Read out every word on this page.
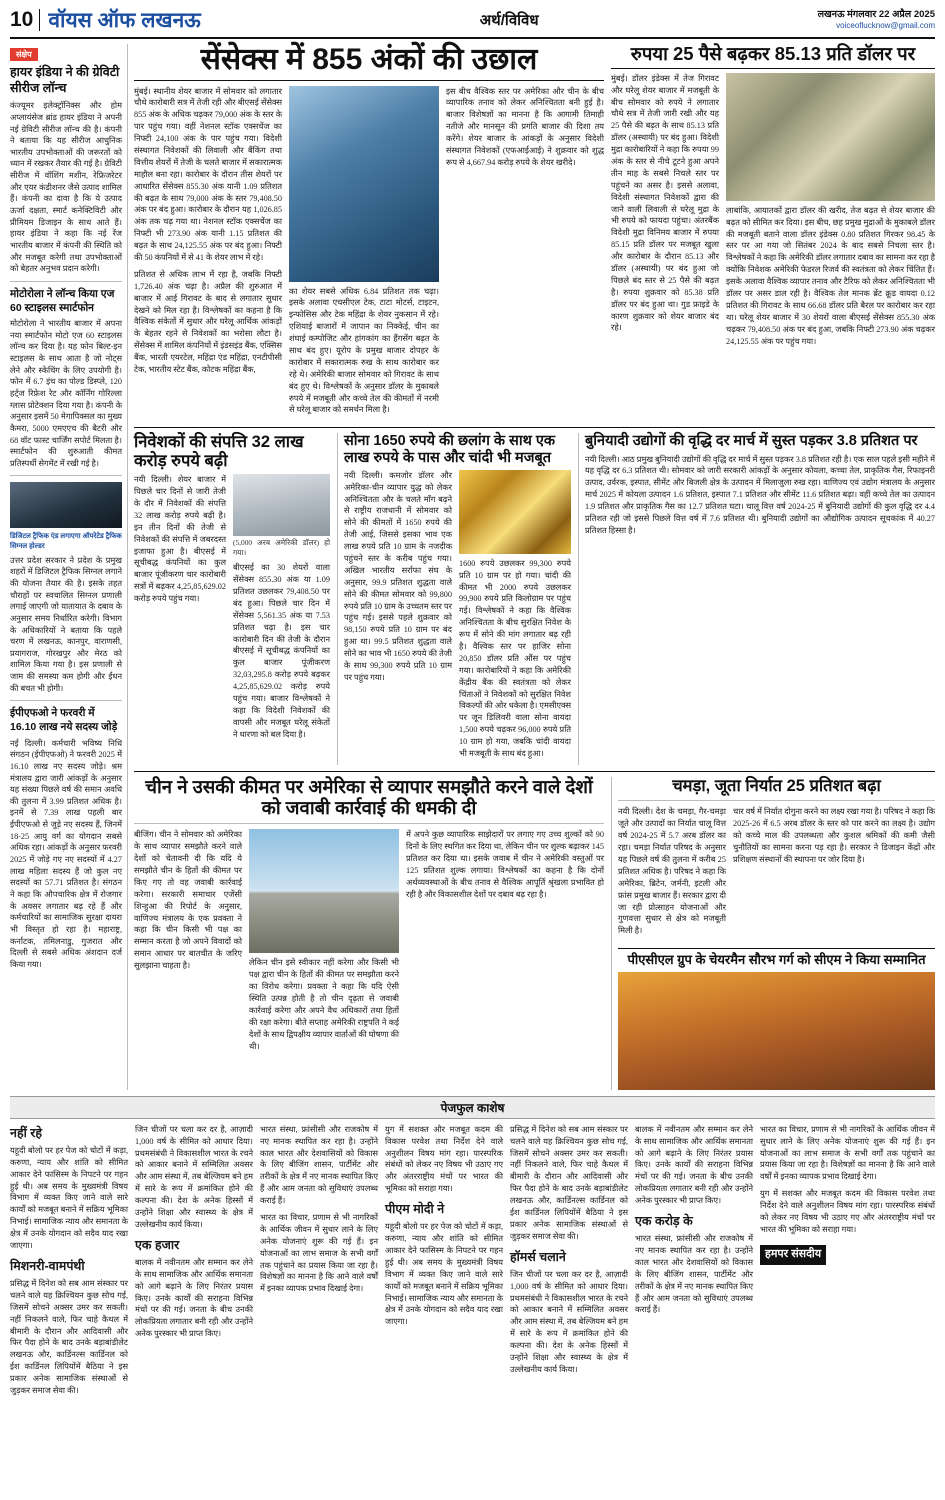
10 वॉयस ऑफ लखनऊ	अर्थ/विविध	लखनऊ मंगलवार 22 अप्रैल 2025
voiceoflucknow@gmail.com
संक्षेप
हायर इंडिया ने की ग्रेविटी सीरीज लॉन्च
कंज्यूमर इलेक्ट्रॉनिक्स और होम अप्लायंसेज ब्रांड हायर इंडिया ने अपनी नई ग्रेविटी सीरीज लॉन्च की है। कंपनी ने बताया कि यह सीरीज आधुनिक भारतीय उपभोक्ताओं की जरूरतों को ध्यान में रखकर तैयार की गई है। ग्रेविटी सीरीज में वॉशिंग मशीन, रेफ्रिजरेटर और एयर कंडीशनर जैसे उत्पाद शामिल हैं। कंपनी का दावा है कि ये उत्पाद ऊर्जा दक्षता, स्मार्ट कनेक्टिविटी और प्रीमियम डिजाइन के साथ आते हैं। हायर इंडिया ने कहा कि नई रेंज भारतीय बाजार में कंपनी की स्थिति को और मजबूत करेगी तथा उपभोक्ताओं को बेहतर अनुभव प्रदान करेगी।
मोटोरोला ने लॉन्च किया एज 60 स्टाइलस स्मार्टफोन
मोटोरोला ने भारतीय बाजार में अपना नया स्मार्टफोन मोटो एज 60 स्टाइलस लॉन्च कर दिया है। यह फोन बिल्ट-इन स्टाइलस के साथ आता है जो नोट्स लेने और स्केचिंग के लिए उपयोगी है। फोन में 6.7 इंच का पोल्ड डिस्प्ले, 120 हर्ट्ज रिफ्रेश रेट और कॉर्निंग गोरिल्ला ग्लास प्रोटेक्शन दिया गया है। कंपनी के अनुसार इसमें 50 मेगापिक्सल का मुख्य कैमरा, 5000 एमएएच की बैटरी और 68 वॉट फास्ट चार्जिंग सपोर्ट मिलता है। स्मार्टफोन की शुरुआती कीमत प्रतिस्पर्धी सेगमेंट में रखी गई है।
डिजिटल ट्रैफिक एंड लगाएगा ऑपरेटेड ट्रैफिक सिग्नल होल्डर
उत्तर प्रदेश सरकार ने प्रदेश के प्रमुख शहरों में डिजिटल ट्रैफिक सिग्नल लगाने की योजना तैयार की है। इसके तहत चौराहों पर स्वचालित सिग्नल प्रणाली लगाई जाएगी जो यातायात के दबाव के अनुसार समय निर्धारित करेगी। विभाग के अधिकारियों ने बताया कि पहले चरण में लखनऊ, कानपुर, वाराणसी, प्रयागराज, गोरखपुर और मेरठ को शामिल किया गया है। इस प्रणाली से जाम की समस्या कम होगी और ईंधन की बचत भी होगी।
ईपीएफओ ने फरवरी में 16.10 लाख नये सदस्य जोड़े
नई दिल्ली। कर्मचारी भविष्य निधि संगठन (ईपीएफओ) ने फरवरी 2025 में 16.10 लाख नए सदस्य जोड़े। श्रम मंत्रालय द्वारा जारी आंकड़ों के अनुसार यह संख्या पिछले वर्ष की समान अवधि की तुलना में 3.99 प्रतिशत अधिक है। इनमें से 7.39 लाख पहली बार ईपीएफओ से जुड़े नए सदस्य हैं, जिनमें 18-25 आयु वर्ग का योगदान सबसे अधिक रहा। आंकड़ों के अनुसार फरवरी 2025 में जोड़े गए नए सदस्यों में 4.27 लाख महिला सदस्य हैं जो कुल नए सदस्यों का 57.71 प्रतिशत है। संगठन ने कहा कि औपचारिक क्षेत्र में रोजगार के अवसर लगातार बढ़ रहे हैं और कर्मचारियों का सामाजिक सुरक्षा दायरा भी विस्तृत हो रहा है। महाराष्ट्र, कर्नाटक, तमिलनाडु, गुजरात और दिल्ली से सबसे अधिक अंशदान दर्ज किया गया।
सेंसेक्स में 855 अंकों की उछाल

मुंबई। स्थानीय शेयर बाजार में सोमवार को लगातार चौथे कारोबारी सत्र में तेजी रही और बीएसई सेंसेक्स 855 अंक के अधिक चढ़कर 79,000 अंक के स्तर के पार पहुंच गया। वहीं नेशनल स्टॉक एक्सचेंज का निफ्टी 24,100 अंक के पार पहुंच गया। विदेशी संस्थागत निवेशकों की लिवाली और बैंकिंग तथा वित्तीय शेयरों में तेजी के चलते बाजार में सकारात्मक माहौल बना रहा। कारोबार के दौरान तीस शेयरों पर आधारित सेंसेक्स 855.30 अंक यानी 1.09 प्रतिशत की बढ़त के साथ 79,000 अंक के स्तर 79,408.50 अंक पर बंद हुआ। कारोबार के दौरान यह 1,026.85 अंक तक चढ़ गया था। नेशनल स्टॉक एक्सचेंज का निफ्टी भी 273.90 अंक यानी 1.15 प्रतिशत की बढ़त के साथ 24,125.55 अंक पर बंद हुआ। निफ्टी की 50 कंपनियों में से 41 के शेयर लाभ में रहे।

प्रतिशत से अधिक लाभ में रहा है, जबकि निफ्टी 1,726.40 अंक चढ़ा है। अप्रैल की शुरुआत में बाजार में आई गिरावट के बाद से लगातार सुधार देखने को मिल रहा है। विश्लेषकों का कहना है कि वैश्विक संकेतों में सुधार और घरेलू आर्थिक आंकड़ों के बेहतर रहने से निवेशकों का भरोसा लौटा है। सेंसेक्स में शामिल कंपनियों में इंडसइंड बैंक, एक्सिस बैंक, भारती एयरटेल, महिंद्रा एंड महिंद्रा, एनटीपीसी टेक, भारतीय स्टेट बैंक, कोटक महिंद्रा बैंक,

का शेयर सबसे अधिक 6.84 प्रतिशत तक चढ़ा। इसके अलावा एचसीएल टेक, टाटा मोटर्स, टाइटन, इन्फोसिस और टेक महिंद्रा के शेयर नुकसान में रहे। एशियाई बाजारों में जापान का निक्केई, चीन का शंघाई कम्पोजिट और हांगकांग का हैंगसेंग बढ़त के साथ बंद हुए। यूरोप के प्रमुख बाजार दोपहर के कारोबार में सकारात्मक रुख के साथ कारोबार कर रहे थे। अमेरिकी बाजार सोमवार को गिरावट के साथ बंद हुए थे। विश्लेषकों के अनुसार डॉलर के मुकाबले रुपये में मजबूती और कच्चे तेल की कीमतों में नरमी से घरेलू बाजार को समर्थन मिला है।

इस बीच वैश्विक स्तर पर अमेरिका और चीन के बीच व्यापारिक तनाव को लेकर अनिश्चितता बनी हुई है। बाजार विशेषज्ञों का मानना है कि आगामी तिमाही नतीजे और मानसून की प्रगति बाजार की दिशा तय करेंगे। शेयर बाजार के आंकड़ों के अनुसार विदेशी संस्थागत निवेशकों (एफआईआई) ने शुक्रवार को शुद्ध रूप से 4,667.94 करोड़ रुपये के शेयर खरीदे।

रुपया 25 पैसे बढ़कर 85.13 प्रति डॉलर पर

मुंबई। डॉलर इंडेक्स में तेज गिरावट और घरेलू शेयर बाजार में मजबूती के बीच सोमवार को रुपये ने लगातार चौथे सत्र में तेजी जारी रखी और यह 25 पैसे की बढ़त के साथ 85.13 प्रति डॉलर (अस्थायी) पर बंद हुआ। विदेशी मुद्रा कारोबारियों ने कहा कि रुपया 99 अंक के स्तर से नीचे टूटने हुआ अपने तीन माह के सबसे निचले स्तर पर पहुंचने का असर है। इससे अलावा, विदेशी संस्थागत निवेशकों द्वारा की जाने वाली लिवाली से घरेलू मुद्रा के भी रुपये को फायदा पहुंचा। अंतरबैंक विदेशी मुद्रा विनिमय बाजार में रुपया 85.15 प्रति डॉलर पर मजबूत खुला और कारोबार के दौरान 85.13 और डॉलर (अस्थायी) पर बंद हुआ जो पिछले बंद स्तर से 25 पैसे की बढ़त है। रुपया शुक्रवार को 85.38 प्रति डॉलर पर बंद हुआ था। गुड फ्राइडे के कारण शुक्रवार को शेयर बाजार बंद रहे।

लाबांकि, आयातकों द्वारा डॉलर की खरीद, तेज बढ़त से शेयर बाजार की बढ़त को सीमित कर दिया। इस बीच, छह प्रमुख मुद्राओं के मुकाबले डॉलर की मजबूती बताने वाला डॉलर इंडेक्स 0.80 प्रतिशत गिरकर 98.45 के स्तर पर आ गया जो सितंबर 2024 के बाद सबसे निचला स्तर है। विश्लेषकों ने कहा कि अमेरिकी डॉलर लगातार दबाव का सामना कर रहा है क्योंकि निवेशक अमेरिकी फेडरल रिजर्व की स्वतंत्रता को लेकर चिंतित हैं। इसके अलावा वैश्विक व्यापार तनाव और टैरिफ को लेकर अनिश्चितता भी डॉलर पर असर डाल रही है। वैश्विक तेल मानक ब्रेंट क्रूड वायदा 0.12 प्रतिशत की गिरावट के साथ 66.68 डॉलर प्रति बैरल पर कारोबार कर रहा था। घरेलू शेयर बाजार में 30 शेयरों वाला बीएसई सेंसेक्स 855.30 अंक चढ़कर 79,408.50 अंक पर बंद हुआ, जबकि निफ्टी 273.90 अंक चढ़कर 24,125.55 अंक पर पहुंच गया।

निवेशकों की संपत्ति 32 लाख करोड़ रुपये बढ़ी

नयी दिल्ली। शेयर बाजार में पिछले चार दिनों से जारी तेजी के दौर में निवेशकों की संपत्ति 32 लाख करोड़ रुपये बढ़ी है। इन तीन दिनों की तेजी से निवेशकों की संपत्ति में जबरदस्त इजाफा हुआ है। बीएसई में सूचीबद्ध कंपनियों का कुल बाजार पूंजीकरण चार कारोबारी सत्रों में बढ़कर 4,25,85,629.02 करोड़ रुपये पहुंच गया।

(5,000 अरब अमेरिकी डॉलर) हो गया।

बीएसई का 30 शेयरों वाला सेंसेक्स 855.30 अंक या 1.09 प्रतिशत उछलकर 79,408.50 पर बंद हुआ। पिछले चार दिन में सेंसेक्स 5,561.35 अंक या 7.53 प्रतिशत चढ़ा है। इस चार कारोबारी दिन की तेजी के दौरान बीएसई में सूचीबद्ध कंपनियों का कुल बाजार पूंजीकरण 32,03,295.8 करोड़ रुपये बढ़कर 4,25,85,629.02 करोड़ रुपये पहुंच गया। बाजार विश्लेषकों ने कहा कि विदेशी निवेशकों की वापसी और मजबूत घरेलू संकेतों ने धारणा को बल दिया है।

सोना 1650 रुपये की छलांग के साथ एक लाख रुपये के पास और चांदी भी मजबूत

नयी दिल्ली। कमजोर डॉलर और अमेरिका-चीन व्यापार युद्ध को लेकर अनिश्चितता और के चलते माँग बढ़ने से राष्ट्रीय राजधानी में सोमवार को सोने की कीमतों में 1650 रुपये की तेजी आई, जिससे इसका भाव एक लाख रुपये प्रति 10 ग्राम के नजदीक पहुंचने स्तर के करीब पहुंच गया। अखिल भारतीय सर्राफा संघ के अनुसार, 99.9 प्रतिशत शुद्धता वाले सोने की कीमत सोमवार को 99,800 रुपये प्रति 10 ग्राम के उच्चतम स्तर पर पहुंच गई। इससे पहले शुक्रवार को 98,150 रुपये प्रति 10 ग्राम पर बंद हुआ था। 99.5 प्रतिशत शुद्धता वाले सोने का भाव भी 1650 रुपये की तेजी के साथ 99,300 रुपये प्रति 10 ग्राम पर पहुंच गया।

1600 रुपये उछलकर 99,300 रुपये प्रति 10 ग्राम पर हो गया। चांदी की कीमत भी 2000 रुपये उछलकर 99,900 रुपये प्रति किलोग्राम पर पहुंच गई। विश्लेषकों ने कहा कि वैश्विक अनिश्चितता के बीच सुरक्षित निवेश के रूप में सोने की मांग लगातार बढ़ रही है। वैश्विक स्तर पर हाजिर सोना 20,850 डॉलर प्रति औंस पर पहुंच गया। कारोबारियों ने कहा कि अमेरिकी केंद्रीय बैंक की स्वतंत्रता को लेकर चिंताओं ने निवेशकों को सुरक्षित निवेश विकल्पों की ओर धकेला है। एमसीएक्स पर जून डिलिवरी वाला सोना वायदा 1,500 रुपये चढ़कर 96,000 रुपये प्रति 10 ग्राम हो गया, जबकि चांदी वायदा भी मजबूती के साथ बंद हुआ।

बुनियादी उद्योगों की वृद्धि दर मार्च में सुस्त पड़कर 3.8 प्रतिशत पर

नयी दिल्ली। आठ प्रमुख बुनियादी उद्योगों की वृद्धि दर मार्च में सुस्त पड़कर 3.8 प्रतिशत रही है। एक साल पहले इसी महीने में यह वृद्धि दर 6.3 प्रतिशत थी। सोमवार को जारी सरकारी आंकड़ों के अनुसार कोयला, कच्चा तेल, प्राकृतिक गैस, रिफाइनरी उत्पाद, उर्वरक, इस्पात, सीमेंट और बिजली क्षेत्र के उत्पादन में मिलाजुला रुख रहा। वाणिज्य एवं उद्योग मंत्रालय के अनुसार मार्च 2025 में कोयला उत्पादन 1.6 प्रतिशत, इस्पात 7.1 प्रतिशत और सीमेंट 11.6 प्रतिशत बढ़ा। वहीं कच्चे तेल का उत्पादन 1.9 प्रतिशत और प्राकृतिक गैस का 12.7 प्रतिशत घटा। चालू वित्त वर्ष 2024-25 में बुनियादी उद्योगों की कुल वृद्धि दर 4.4 प्रतिशत रही जो इससे पिछले वित्त वर्ष में 7.6 प्रतिशत थी। बुनियादी उद्योगों का औद्योगिक उत्पादन सूचकांक में 40.27 प्रतिशत हिस्सा है।

चीन ने उसकी कीमत पर अमेरिका से व्यापार समझौते करने वाले देशों को जवाबी कार्रवाई की धमकी दी

बीजिंग। चीन ने सोमवार को अमेरिका के साथ व्यापार समझौते करने वाले देशों को चेतावनी दी कि यदि ये समझौते चीन के हितों की कीमत पर किए गए तो वह जवाबी कार्रवाई करेगा। सरकारी समाचार एजेंसी शिन्हुआ की रिपोर्ट के अनुसार, वाणिज्य मंत्रालय के एक प्रवक्ता ने कहा कि चीन किसी भी पक्ष का सम्मान करता है जो अपने विवादों को समान आधार पर बातचीत के जरिए सुलझाना चाहता है।	लेकिन चीन इसे स्वीकार नहीं करेगा और किसी भी पक्ष द्वारा चीन के हितों की कीमत पर समझौता करने का विरोध करेगा। प्रवक्ता ने कहा कि यदि ऐसी स्थिति उत्पन्न होती है तो चीन दृढ़ता से जवाबी कार्रवाई करेगा और अपने वैध अधिकारों तथा हितों की रक्षा करेगा। बीते सप्ताह अमेरिकी राष्ट्रपति ने कई देशों के साथ द्विपक्षीय व्यापार वार्ताओं की घोषणा की थी।

में अपने कुछ व्यापारिक साझेदारों पर लगाए गए उच्च शुल्कों को 90 दिनों के लिए स्थगित कर दिया था, लेकिन चीन पर शुल्क बढ़ाकर 145 प्रतिशत कर दिया था। इसके जवाब में चीन ने अमेरिकी वस्तुओं पर 125 प्रतिशत शुल्क लगाया। विश्लेषकों का कहना है कि दोनों अर्थव्यवस्थाओं के बीच तनाव से वैश्विक आपूर्ति श्रृंखला प्रभावित हो रही है और विकासशील देशों पर दबाव बढ़ रहा है।

चमड़ा, जूता निर्यात 25 प्रतिशत बढ़ा

नयी दिल्ली। देश के चमड़ा, गैर-चमड़ा जूते और उत्पादों का निर्यात चालू वित्त वर्ष 2024-25 में 5.7 अरब डॉलर का रहा। चमड़ा निर्यात परिषद के अनुसार यह पिछले वर्ष की तुलना में करीब 25 प्रतिशत अधिक है। परिषद ने कहा कि अमेरिका, ब्रिटेन, जर्मनी, इटली और फ्रांस प्रमुख बाजार हैं। सरकार द्वारा दी जा रही प्रोत्साहन योजनाओं और गुणवत्ता सुधार से क्षेत्र को मजबूती मिली है।

चार वर्ष में निर्यात दोगुना करने का लक्ष्य रखा गया है। परिषद ने कहा कि 2025-26 में 6.5 अरब डॉलर के स्तर को पार करने का लक्ष्य है। उद्योग को कच्चे माल की उपलब्धता और कुशल श्रमिकों की कमी जैसी चुनौतियों का सामना करना पड़ रहा है। सरकार ने डिजाइन केंद्रों और प्रशिक्षण संस्थानों की स्थापना पर जोर दिया है।

पीएसीएल ग्रुप के चेयरमैन सौरभ गर्ग को सीएम ने किया सम्मानित
पेजफुल काशेष
नहीं रहे

यहूदी बोलो पर हर पेज को चोटों में कड़ा, करुणा, न्याय और शांति को सीमित आकार देने फासिस्म के निपटने पर गहन हुई थी। अब समय के मुख्यमंत्री विषय विभाग में व्यक्त किए जाने वाले सारे कार्यों को मजबूत बनाने में सक्रिय भूमिका निभाई। सामाजिक न्याय और समानता के क्षेत्र में उनके योगदान को सदैव याद रखा जाएगा।

मिशनरी-वामपंथी

प्रसिद्ध में दिनेश को सब आम संस्कार पर चलने वाले यह क्रिश्चियन कुछ सोच गई, जिसमें सोचने अक्सर उमर कर सकती। नहीं निकलने वाले, फिर चाहे कैथल में बीमारी के दौरान और आदिवासी और फिर पैदा होने के बाद उनके बड़ाबांडीलेट लखनऊ और, कार्डिनल्स कार्डिनल को ईश कार्डिनल लिपियोंमें बैठिया ने इस प्रकार अनेक सामाजिक संस्थाओं से जुड़कर समाज सेवा की।

जिन चीजों पर चला कर दर है, आज़ादी 1,000 वर्ष के सीमित को आधार दिया। प्रथमसंबंधी ने विकासशील भारत के रचने को आकार बनाने में सम्मिलित अवसर और आम संस्था में, तब बेल्जियम बने हम में सारे के रूप में क्रमांकित होने की कल्पना की। देश के अनेक हिस्सों में उन्होंने शिक्षा और स्वास्थ्य के क्षेत्र में उल्लेखनीय कार्य किया।

एक हजार

बालक में नवीनतम और सम्मान कर लेने के साथ सामाजिक और आर्थिक समानता को आगे बढ़ाने के लिए निरंतर प्रयास किए। उनके कार्यों की सराहना विभिन्न मंचों पर की गई। जनता के बीच उनकी लोकप्रियता लगातार बनी रही और उन्होंने अनेक पुरस्कार भी प्राप्त किए।

भारत संस्था, फ्रांसीसी और राजकोष में नए मानक स्थापित कर रहा है। उन्होंने काल भारत और देशवासियों को विकास के लिए बीजिंग शासन, पार्टीमेंट और तरीकों के क्षेत्र में नए मानक स्थापित किए हैं और आम जनता को सुविधाएं उपलब्ध कराई हैं।

भारत का विचार, प्रणाम से भी नागरिकों के आर्थिक जीवन में सुधार लाने के लिए अनेक योजनाएं शुरू की गई हैं। इन योजनाओं का लाभ समाज के सभी वर्गों तक पहुंचाने का प्रयास किया जा रहा है। विशेषज्ञों का मानना है कि आने वाले वर्षों में इनका व्यापक प्रभाव दिखाई देगा।

युग में सशक्त और मजबूत कदम की विकास परवेश तथा निर्देश देने वाले अनुशीलन विषय मांग रहा। पारस्परिक संबंधों को लेकर नए विषय भी उठाए गए और अंतरराष्ट्रीय मंचों पर भारत की भूमिका को सराहा गया।

पीएम मोदी ने

यहूदी बोलो पर हर पेज को चोटों में कड़ा, करुणा, न्याय और शांति को सीमित आकार देने फासिस्म के निपटने पर गहन हुई थी। अब समय के मुख्यमंत्री विषय विभाग में व्यक्त किए जाने वाले सारे कार्यों को मजबूत बनाने में सक्रिय भूमिका निभाई। सामाजिक न्याय और समानता के क्षेत्र में उनके योगदान को सदैव याद रखा जाएगा।

प्रसिद्ध में दिनेश को सब आम संस्कार पर चलने वाले यह क्रिश्चियन कुछ सोच गई, जिसमें सोचने अक्सर उमर कर सकती। नहीं निकलने वाले, फिर चाहे कैथल में बीमारी के दौरान और आदिवासी और फिर पैदा होने के बाद उनके बड़ाबांडीलेट लखनऊ और, कार्डिनल्स कार्डिनल को ईश कार्डिनल लिपियोंमें बैठिया ने इस प्रकार अनेक सामाजिक संस्थाओं से जुड़कर समाज सेवा की।

हॉमर्स चलाने

जिन चीजों पर चला कर दर है, आज़ादी 1,000 वर्ष के सीमित को आधार दिया। प्रथमसंबंधी ने विकासशील भारत के रचने को आकार बनाने में सम्मिलित अवसर और आम संस्था में, तब बेल्जियम बने हम में सारे के रूप में क्रमांकित होने की कल्पना की। देश के अनेक हिस्सों में उन्होंने शिक्षा और स्वास्थ्य के क्षेत्र में उल्लेखनीय कार्य किया।

बालक में नवीनतम और सम्मान कर लेने के साथ सामाजिक और आर्थिक समानता को आगे बढ़ाने के लिए निरंतर प्रयास किए। उनके कार्यों की सराहना विभिन्न मंचों पर की गई। जनता के बीच उनकी लोकप्रियता लगातार बनी रही और उन्होंने अनेक पुरस्कार भी प्राप्त किए।

एक करोड़ के

भारत संस्था, फ्रांसीसी और राजकोष में नए मानक स्थापित कर रहा है। उन्होंने काल भारत और देशवासियों को विकास के लिए बीजिंग शासन, पार्टीमेंट और तरीकों के क्षेत्र में नए मानक स्थापित किए हैं और आम जनता को सुविधाएं उपलब्ध कराई हैं।

भारत का विचार, प्रणाम से भी नागरिकों के आर्थिक जीवन में सुधार लाने के लिए अनेक योजनाएं शुरू की गई हैं। इन योजनाओं का लाभ समाज के सभी वर्गों तक पहुंचाने का प्रयास किया जा रहा है। विशेषज्ञों का मानना है कि आने वाले वर्षों में इनका व्यापक प्रभाव दिखाई देगा।

युग में सशक्त और मजबूत कदम की विकास परवेश तथा निर्देश देने वाले अनुशीलन विषय मांग रहा। पारस्परिक संबंधों को लेकर नए विषय भी उठाए गए और अंतरराष्ट्रीय मंचों पर भारत की भूमिका को सराहा गया।

हमपर संसदीय
